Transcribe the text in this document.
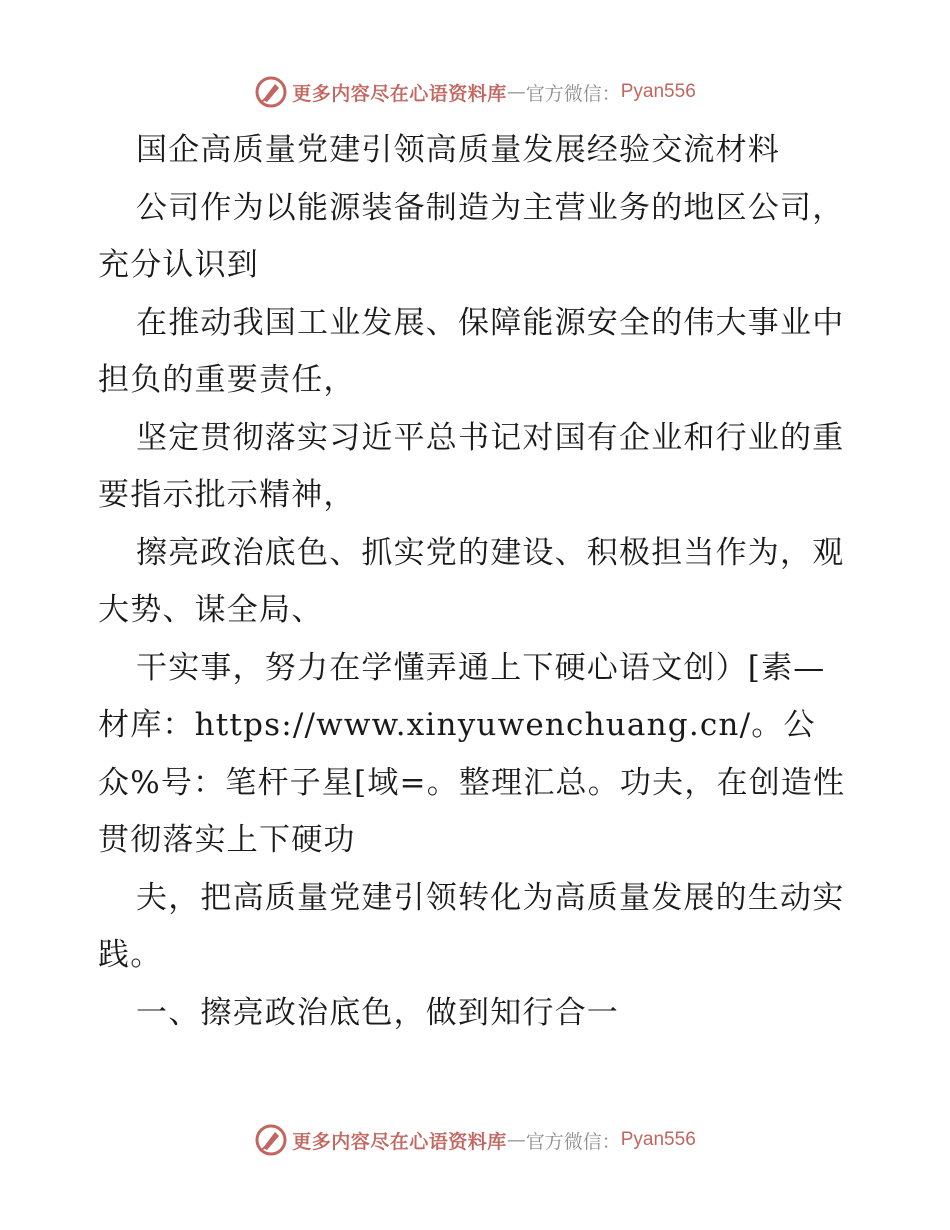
更多内容尽在心语资料库 — 官方微信： Pyan556

国企高质量党建引领高质量发展经验交流材料

公司作为以能源装备制造为主营业务的地区公司，充分认识到

在推动我国工业发展、保障能源安全的伟大事业中担负的重要责任，

坚定贯彻落实习近平总书记对国有企业和行业的重要指示批示精神，

擦亮政治底色、抓实党的建设、积极担当作为，观大势、谋全局、

干实事，努力在学懂弄通上下硬心语文创）[素—材库：https://www.xinyuwenchuang.cn/。公众%号：笔杆子星[域=。整理汇总。功夫，在创造性贯彻落实上下硬功

夫，把高质量党建引领转化为高质量发展的生动实践。

一、擦亮政治底色，做到知行合一

更多内容尽在心语资料库 — 官方微信： Pyan556
